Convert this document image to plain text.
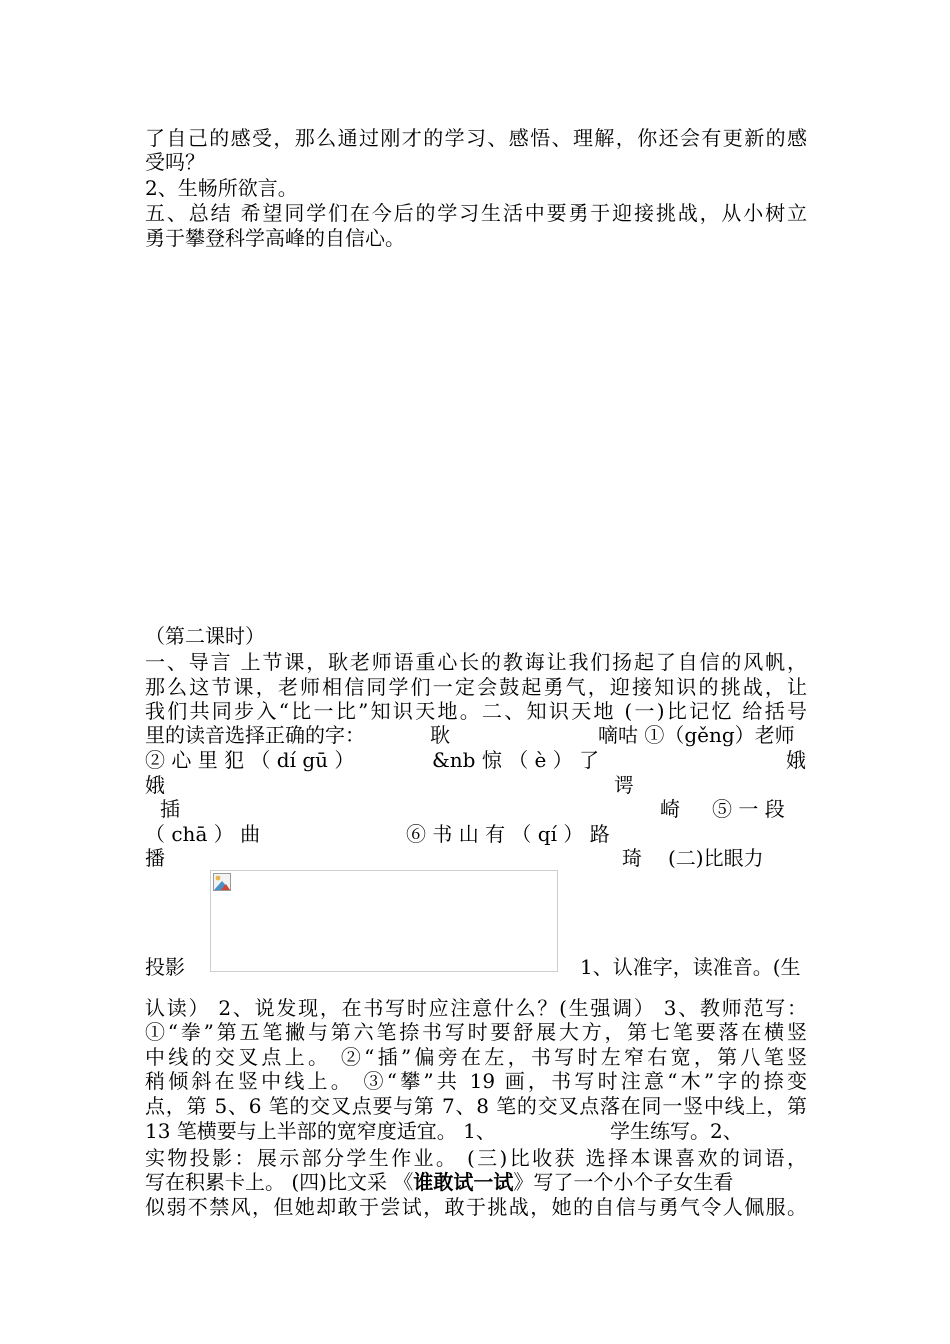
了自己的感受，那么通过刚才的学习、感悟、理解，你还会有更新的感
受吗？
2、生畅所欲言。
五、总结 希望同学们在今后的学习生活中要勇于迎接挑战，从小树立
勇于攀登科学高峰的自信心。
（第二课时）
一、导言 上节课，耿老师语重心长的教诲让我们扬起了自信的风帆，
那么这节课，老师相信同学们一定会鼓起勇气，迎接知识的挑战，让
我们共同步入“比一比”知识天地。二、知识天地 (一)比记忆 给括号
里的读音选择正确的字：	耿	嘀咕 ①（gěng）老师
② 心 里 犯 （ dí gū ）	&nb 惊 （ è ） 了	娥
娥	谔
插	崎 ⑤ 一 段
（ chā ） 曲	⑥ 书 山 有 （ qí ） 路
播	琦 (二)比眼力
投影	1、认准字，读准音。(生
认读） 2、说发现，在书写时应注意什么？(生强调） 3、教师范写：
①“拳”第五笔撇与第六笔捺书写时要舒展大方，第七笔要落在横竖
中线的交叉点上。 ②“插”偏旁在左，书写时左窄右宽，第八笔竖
稍倾斜在竖中线上。 ③“攀”共 19 画，书写时注意“木”字的捺变
点，第 5、6 笔的交叉点要与第 7、8 笔的交叉点落在同一竖中线上，第
13 笔横要与上半部的宽窄度适宜。 1、	学生练写。2、
实物投影：展示部分学生作业。 (三)比收获 选择本课喜欢的词语，
写在积累卡上。 (四)比文采 《谁敢试一试》写了一个小个子女生看
似弱不禁风，但她却敢于尝试，敢于挑战，她的自信与勇气令人佩服。
